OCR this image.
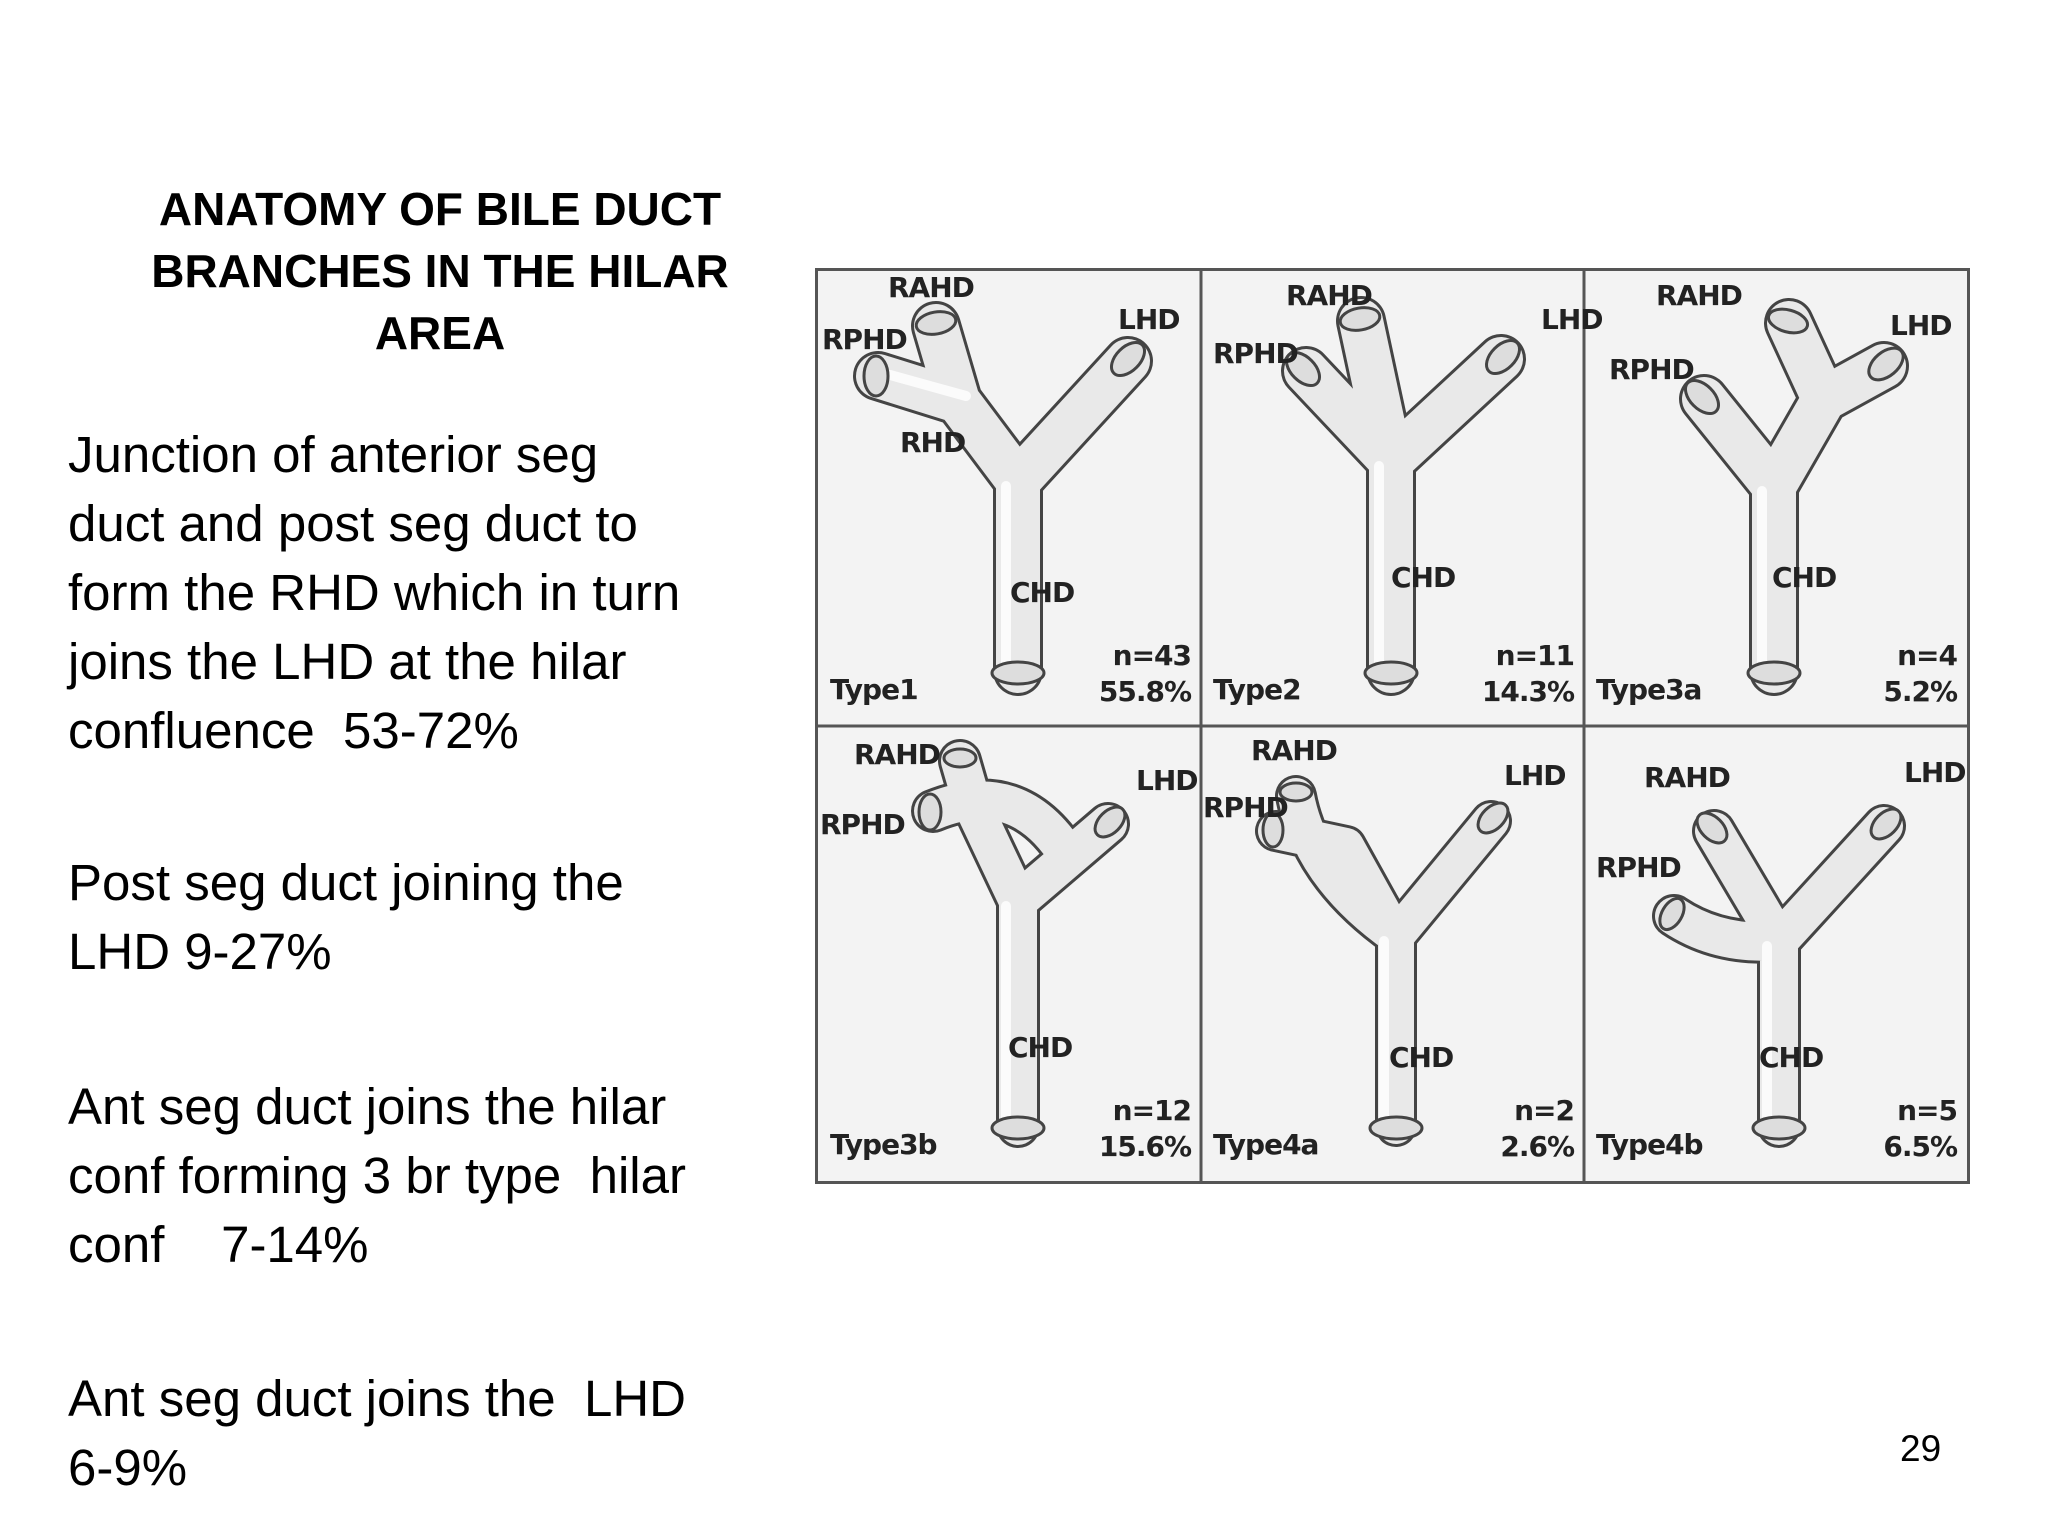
ANATOMY OF BILE DUCT
BRANCHES IN THE HILAR
AREA
Junction of anterior seg
duct and post seg duct to
form the RHD which in turn
joins the LHD at the hilar
confluence  53-72%
Post seg duct joining the
LHD 9-27%
Ant seg duct joins the hilar
conf forming 3 br type  hilar
conf    7-14%
Ant seg duct joins the  LHD
6-9%	29

RAHD
RPHD
LHD
RHD
CHD
Type1
n=43
55.8%
RAHD
RPHD
LHD
CHD
Type2
n=11
14.3%
RAHD
RPHD
LHD
CHD
Type3a
n=4
5.2%
RAHD
RPHD
LHD
CHD
Type3b
n=12
15.6%
RAHD
RPHD
LHD
CHD
Type4a
n=2
2.6%
RAHD
RPHD
LHD
CHD
Type4b
n=5
6.5%
